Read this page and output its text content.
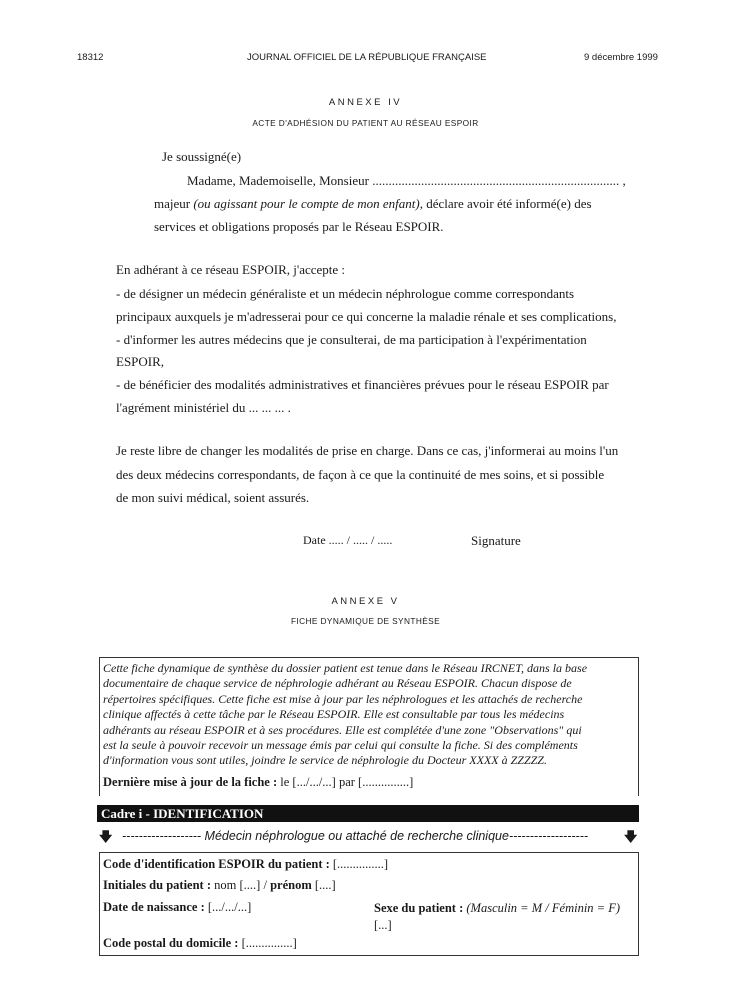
18312	JOURNAL OFFICIEL DE LA RÉPUBLIQUE FRANÇAISE	9 décembre 1999
ANNEXE IV
ACTE D'ADHÉSION DU PATIENT AU RÉSEAU ESPOIR
Je soussigné(e)
Madame, Mademoiselle, Monsieur ............................................................................ ,
majeur (ou agissant pour le compte de mon enfant), déclare avoir été informé(e) des
services et obligations proposés par le Réseau ESPOIR.
En adhérant à ce réseau ESPOIR, j'accepte :
- de désigner un médecin généraliste et un médecin néphrologue comme correspondants
principaux auxquels je m'adresserai pour ce qui concerne la maladie rénale et ses complications,
- d'informer les autres médecins que je consulterai, de ma participation à l'expérimentation
ESPOIR,
- de bénéficier des modalités administratives et financières prévues pour le réseau ESPOIR par
l'agrément ministériel du ... ... ... .
Je reste libre de changer les modalités de prise en charge. Dans ce cas, j'informerai au moins l'un
des deux médecins correspondants, de façon à ce que la continuité de mes soins, et si possible
de mon suivi médical, soient assurés.
Date ..... / ..... / .....	Signature
ANNEXE V
FICHE DYNAMIQUE DE SYNTHÈSE
Cette fiche dynamique de synthèse du dossier patient est tenue dans le Réseau IRCNET, dans la base
documentaire de chaque service de néphrologie adhérant au Réseau ESPOIR. Chacun dispose de
répertoires spécifiques. Cette fiche est mise à jour par les néphrologues et les attachés de recherche
clinique affectés à cette tâche par le Réseau ESPOIR. Elle est consultable par tous les médecins
adhérants au réseau ESPOIR et à ses procédures. Elle est complétée d'une zone "Observations" qui
est la seule à pouvoir recevoir un message émis par celui qui consulte la fiche. Si des compléments
d'information vous sont utiles, joindre le service de néphrologie du Docteur XXXX à ZZZZZ.
Dernière mise à jour de la fiche : le [.../.../...] par [...............]
Cadre i - IDENTIFICATION
🡇 ------------------- Médecin néphrologue ou attaché de recherche clinique-------------------	🡇
Code d'identification ESPOIR du patient : [...............]
Initiales du patient : nom [....] / prénom [....]
Date de naissance : [.../.../...]	Sexe du patient : (Masculin = M / Féminin = F)
[...]
Code postal du domicile : [...............]
